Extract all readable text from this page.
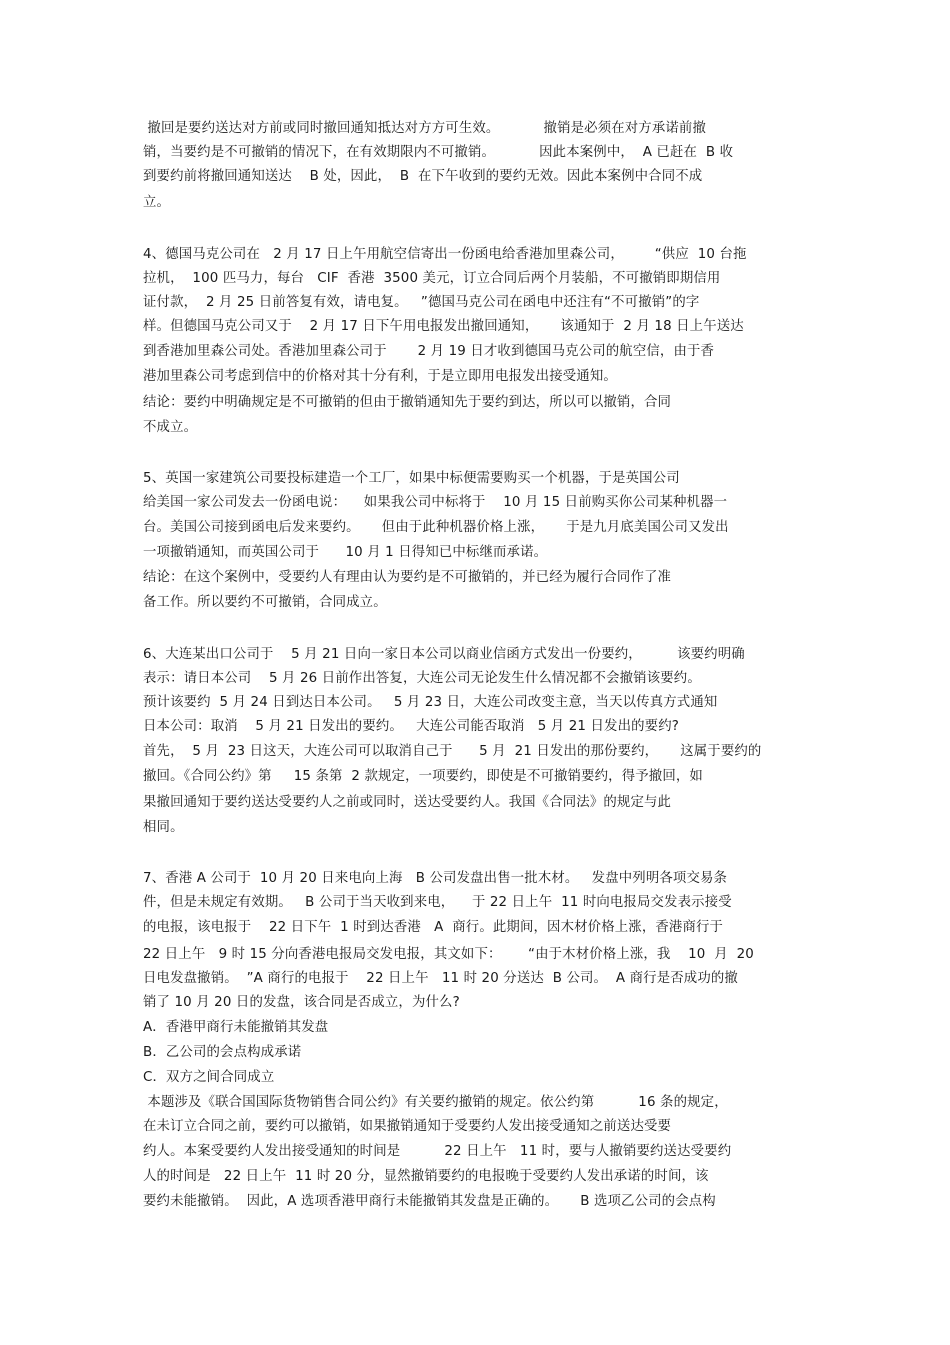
撤回是要约送达对方前或同时撤回通知抵达对方方可生效。          撤销是必须在对方承诺前撤
销，当要约是不可撤销的情况下，在有效期限内不可撤销。          因此本案例中，  A 已赶在  B 收
到要约前将撤回通知送达    B 处，因此，  B  在下午收到的要约无效。因此本案例中合同不成
立。
4、德国马克公司在   2 月 17 日上午用航空信寄出一份函电给香港加里森公司，       “供应  10 台拖
拉机，  100 匹马力，每台   CIF  香港  3500 美元，订立合同后两个月装船，不可撤销即期信用
证付款，  2 月 25 日前答复有效，请电复。   ”德国马克公司在函电中还注有“不可撤销”的字
样。但德国马克公司又于    2 月 17 日下午用电报发出撤回通知，     该通知于  2 月 18 日上午送达
到香港加里森公司处。香港加里森公司于       2 月 19 日才收到德国马克公司的航空信，由于香
港加里森公司考虑到信中的价格对其十分有利，于是立即用电报发出接受通知。
结论：要约中明确规定是不可撤销的但由于撤销通知先于要约到达，所以可以撤销，合同
不成立。
5、英国一家建筑公司要投标建造一个工厂，如果中标便需要购买一个机器，于是英国公司
给美国一家公司发去一份函电说：    如果我公司中标将于    10 月 15 日前购买你公司某种机器一
台。美国公司接到函电后发来要约。     但由于此种机器价格上涨，     于是九月底美国公司又发出
一项撤销通知，而英国公司于      10 月 1 日得知已中标继而承诺。
结论：在这个案例中，受要约人有理由认为要约是不可撤销的，并已经为履行合同作了准
备工作。所以要约不可撤销，合同成立。
6、大连某出口公司于    5 月 21 日向一家日本公司以商业信函方式发出一份要约，        该要约明确
表示：请日本公司    5 月 26 日前作出答复，大连公司无论发生什么情况都不会撤销该要约。
预计该要约  5 月 24 日到达日本公司。   5 月 23 日，大连公司改变主意，当天以传真方式通知
日本公司：取消    5 月 21 日发出的要约。   大连公司能否取消   5 月 21 日发出的要约?
首先，  5 月  23 日这天，大连公司可以取消自己于      5 月  21 日发出的那份要约，     这属于要约的
撤回。《合同公约》第     15 条第  2 款规定，一项要约，即使是不可撤销要约，得予撤回，如
果撤回通知于要约送达受要约人之前或同时，送达受要约人。我国《合同法》的规定与此
相同。
7、香港 A 公司于  10 月 20 日来电向上海   B 公司发盘出售一批木材。   发盘中列明各项交易条
件，但是未规定有效期。   B 公司于当天收到来电，    于 22 日上午  11 时向电报局交发表示接受
的电报，该电报于    22 日下午  1 时到达香港   A  商行。此期间，因木材价格上涨，香港商行于
22 日上午   9 时 15 分向香港电报局交发电报，其文如下：      “由于木材价格上涨，我    10  月  20
日电发盘撤销。  ”A 商行的电报于    22 日上午   11 时 20 分送达  B 公司。  A 商行是否成功的撤
销了 10 月 20 日的发盘，该合同是否成立，为什么?
A．香港甲商行未能撤销其发盘
B．乙公司的会点构成承诺
C．双方之间合同成立
本题涉及《联合国国际货物销售合同公约》有关要约撤销的规定。依公约第          16 条的规定，
在未订立合同之前，要约可以撤销，如果撤销通知于受要约人发出接受通知之前送达受要
约人。本案受要约人发出接受通知的时间是          22 日上午   11 时，要与人撤销要约送达受要约
人的时间是   22 日上午  11 时 20 分，显然撤销要约的电报晚于受要约人发出承诺的时间，该
要约未能撤销。  因此，A 选项香港甲商行未能撤销其发盘是正确的。     B 选项乙公司的会点构
